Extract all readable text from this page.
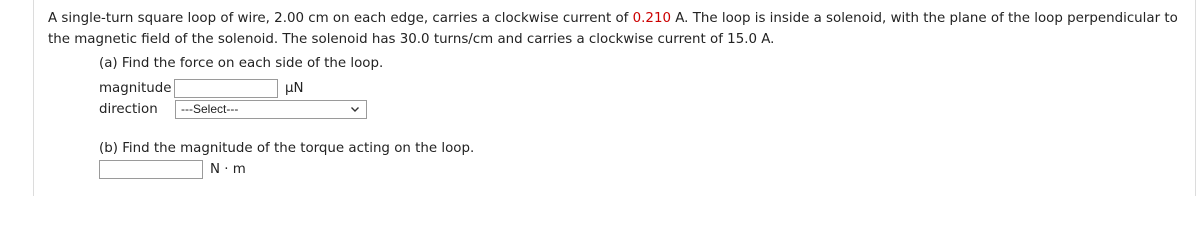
A single-turn square loop of wire, 2.00 cm on each edge, carries a clockwise current of 0.210 A. The loop is inside a solenoid, with the plane of the loop perpendicular to the magnetic field of the solenoid. The solenoid has 30.0 turns/cm and carries a clockwise current of 15.0 A.
(a) Find the force on each side of the loop.
magnitude	μN
direction	---Select---
(b) Find the magnitude of the torque acting on the loop.
N · m
